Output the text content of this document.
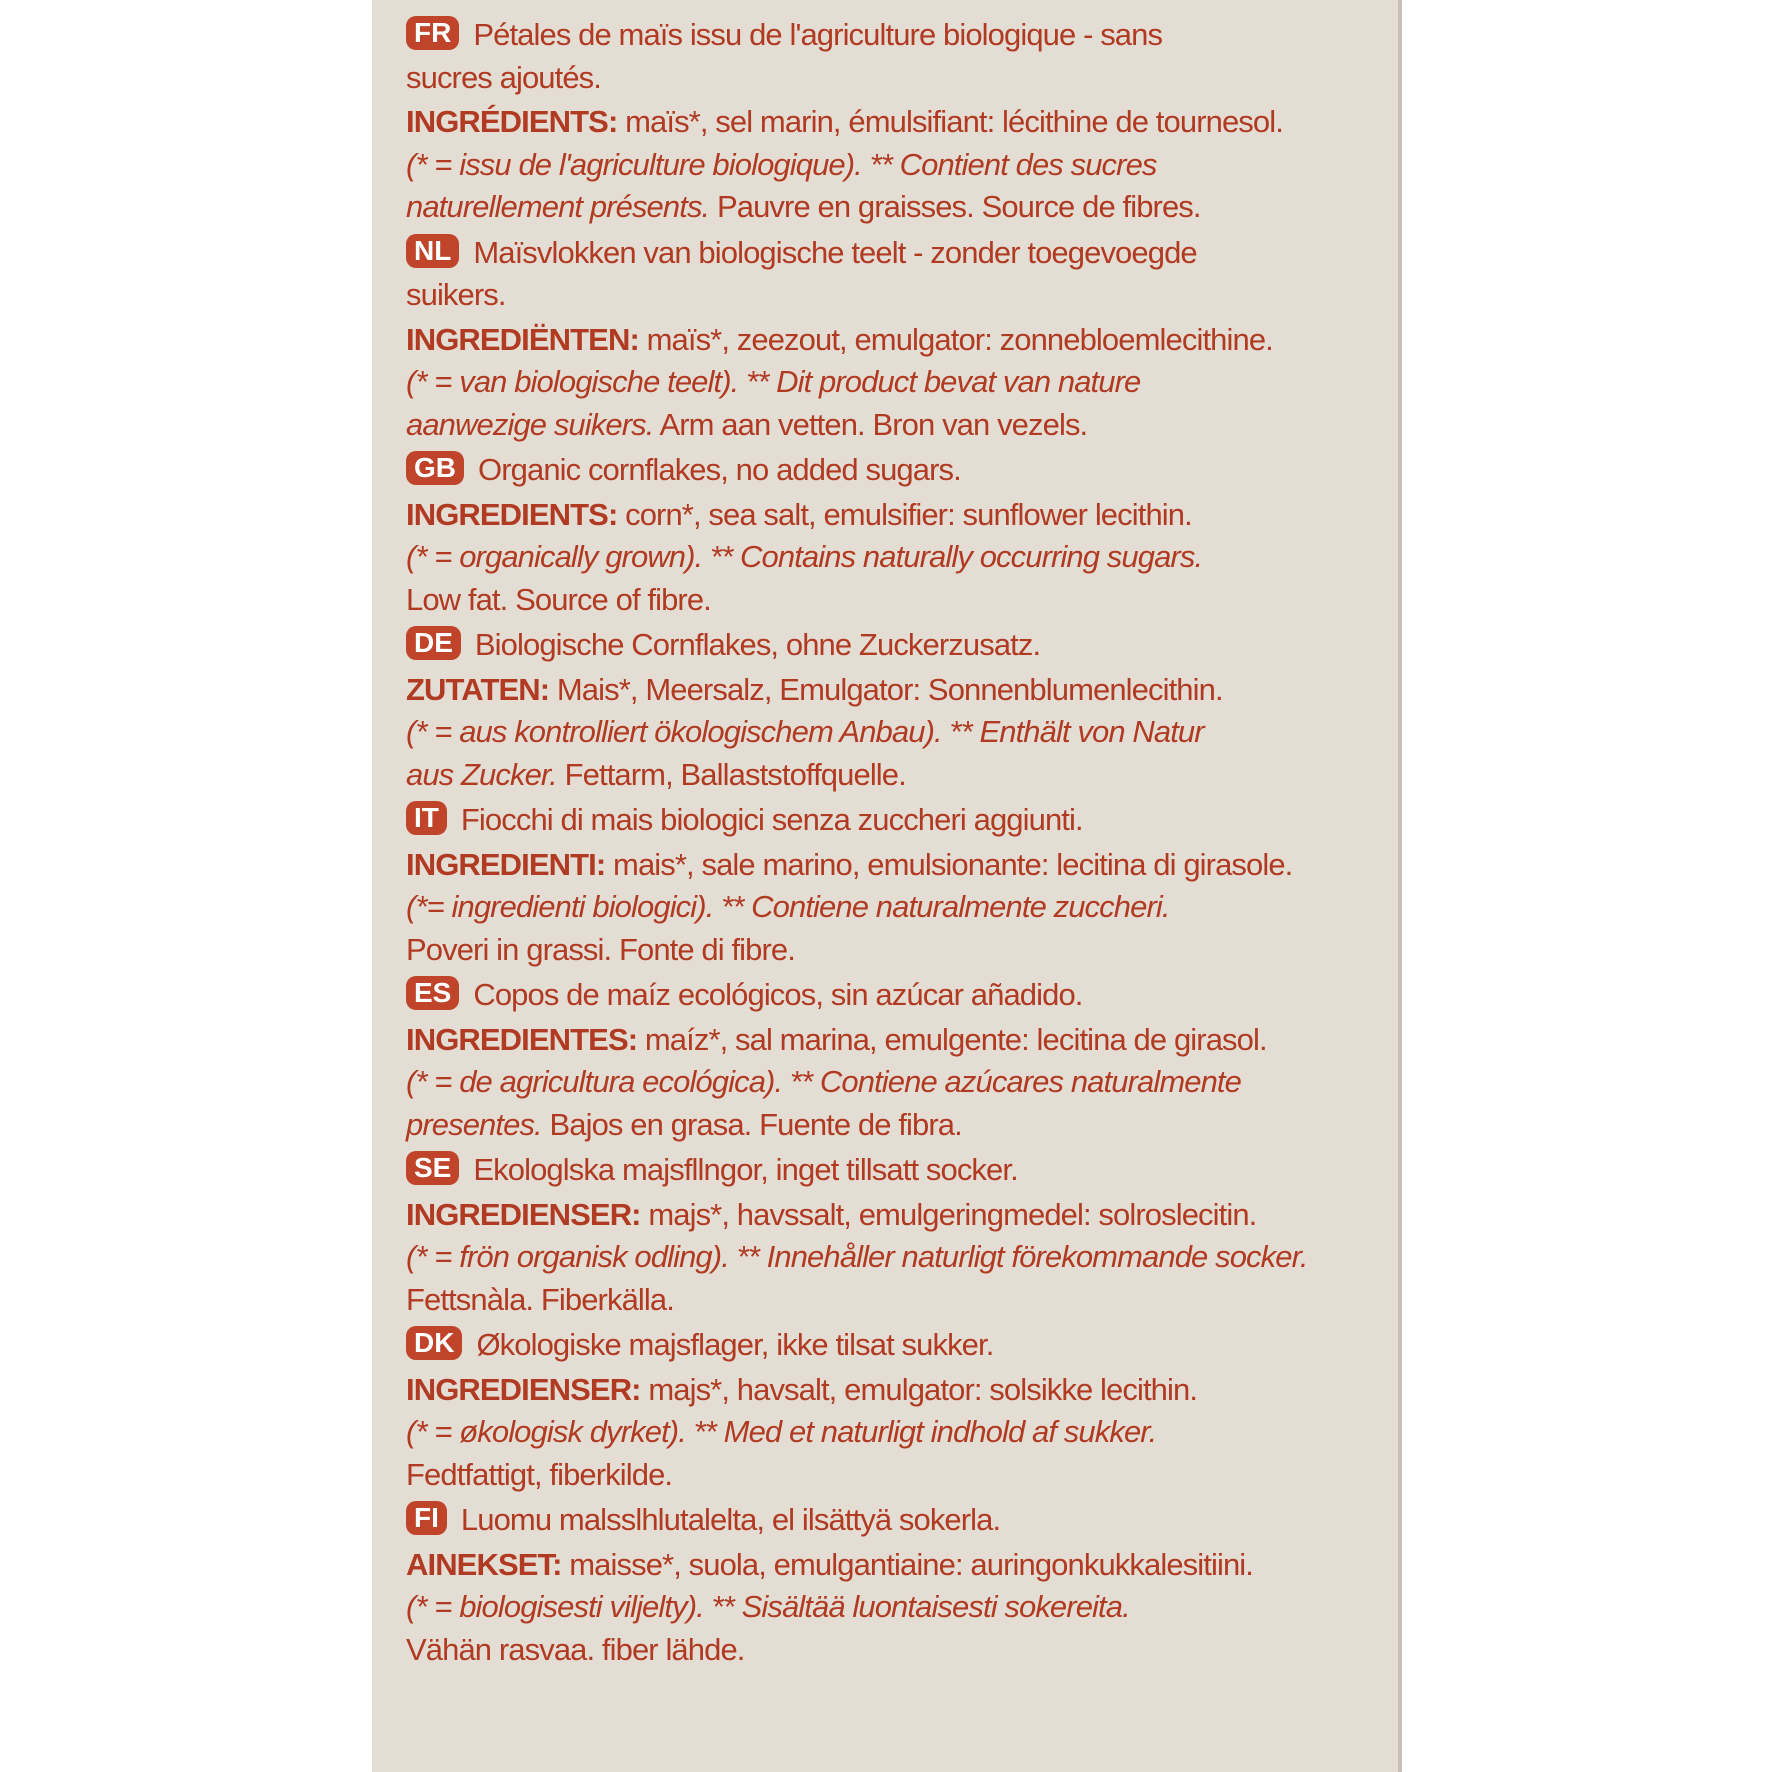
FR Pétales de maïs issu de l'agriculture biologique - sans
sucres ajoutés.
INGRÉDIENTS: maïs*, sel marin, émulsifiant: lécithine de tournesol.
(* = issu de l'agriculture biologique). ** Contient des sucres
naturellement présents. Pauvre en graisses. Source de fibres.
NL Maïsvlokken van biologische teelt - zonder toegevoegde
suikers.
INGREDIËNTEN: maïs*, zeezout, emulgator: zonnebloemlecithine.
(* = van biologische teelt). ** Dit product bevat van nature
aanwezige suikers. Arm aan vetten. Bron van vezels.
GB Organic cornflakes, no added sugars.
INGREDIENTS: corn*, sea salt, emulsifier: sunflower lecithin.
(* = organically grown). ** Contains naturally occurring sugars.
Low fat. Source of fibre.
DE Biologische Cornflakes, ohne Zuckerzusatz.
ZUTATEN: Mais*, Meersalz, Emulgator: Sonnenblumenlecithin.
(* = aus kontrolliert ökologischem Anbau). ** Enthält von Natur
aus Zucker. Fettarm, Ballaststoffquelle.
IT Fiocchi di mais biologici senza zuccheri aggiunti.
INGREDIENTI: mais*, sale marino, emulsionante: lecitina di girasole.
(*= ingredienti biologici). ** Contiene naturalmente zuccheri.
Poveri in grassi. Fonte di fibre.
ES Copos de maíz ecológicos, sin azúcar añadido.
INGREDIENTES: maíz*, sal marina, emulgente: lecitina de girasol.
(* = de agricultura ecológica). ** Contiene azúcares naturalmente
presentes. Bajos en grasa. Fuente de fibra.
SE Ekologlska majsfllngor, inget tillsatt socker.
INGREDIENSER: majs*, havssalt, emulgeringmedel: solroslecitin.
(* = frön organisk odling). ** Innehåller naturligt förekommande socker.
Fettsnàla. Fiberkälla.
DK Økologiske majsflager, ikke tilsat sukker.
INGREDIENSER: majs*, havsalt, emulgator: solsikke lecithin.
(* = økologisk dyrket). ** Med et naturligt indhold af sukker.
Fedtfattigt, fiberkilde.
FI Luomu malsslhlutalelta, el ilsättyä sokerla.
AINEKSET: maisse*, suola, emulgantiaine: auringonkukkalesitiini.
(* = biologisesti viljelty). ** Sisältää luontaisesti sokereita.
Vähän rasvaa. fiber lähde.
